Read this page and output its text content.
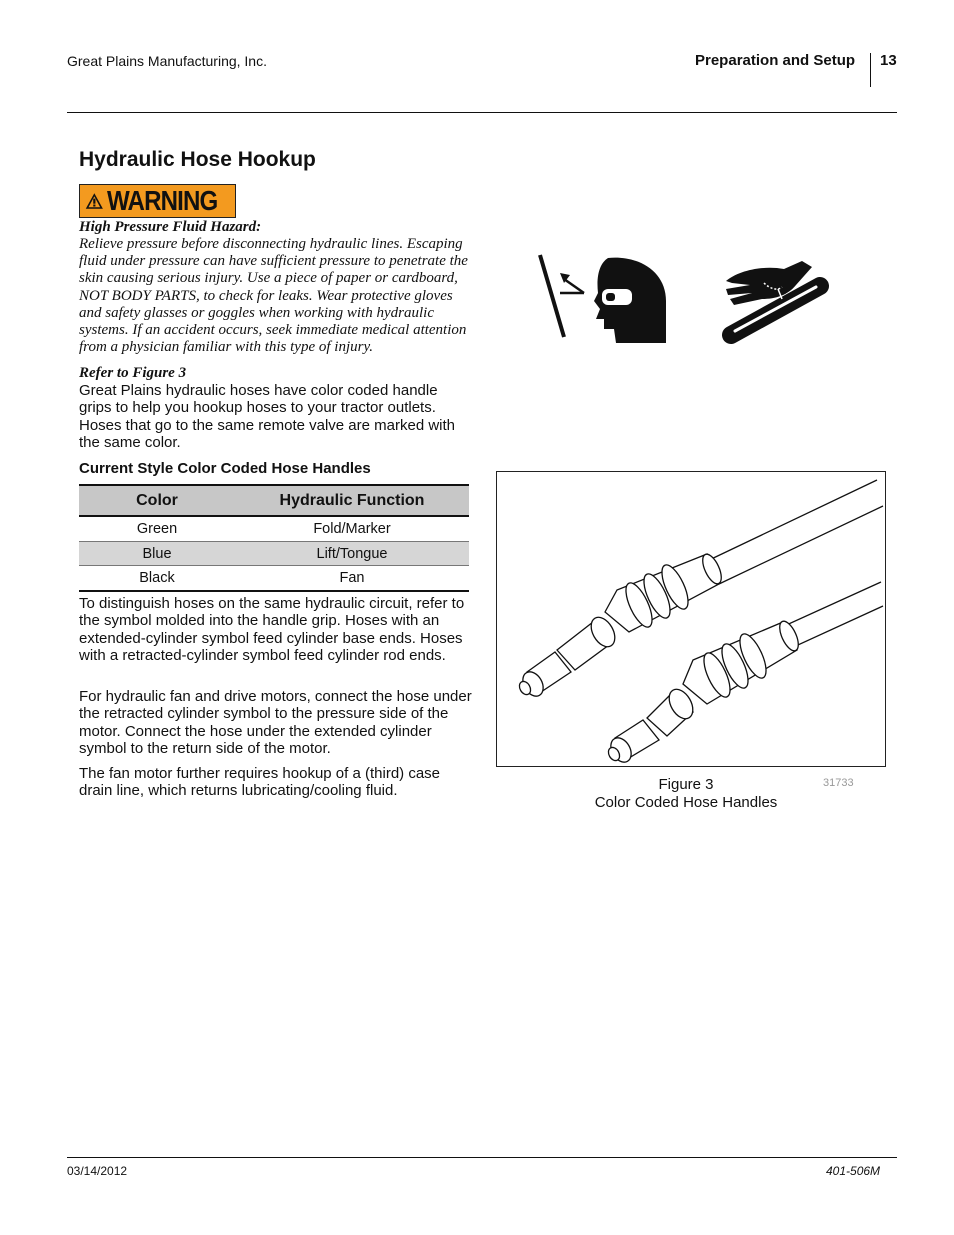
Great Plains Manufacturing, Inc.	Preparation and Setup 13
Hydraulic Hose Hookup
WARNING
High Pressure Fluid Hazard:
Relieve pressure before disconnecting hydraulic lines. Escaping fluid under pressure can have sufficient pressure to penetrate the skin causing serious injury. Use a piece of paper or cardboard, NOT BODY PARTS, to check for leaks. Wear protective gloves and safety glasses or goggles when working with hydraulic systems. If an accident occurs, seek immediate medical attention from a physician familiar with this type of injury.
Refer to Figure 3
Great Plains hydraulic hoses have color coded handle grips to help you hookup hoses to your tractor outlets. Hoses that go to the same remote valve are marked with the same color.
Current Style Color Coded Hose Handles
Color	Hydraulic Function
Green	Fold/Marker
Blue	Lift/Tongue
Black	Fan
To distinguish hoses on the same hydraulic circuit, refer to the symbol molded into the handle grip. Hoses with an extended-cylinder symbol feed cylinder base ends. Hoses with a retracted-cylinder symbol feed cylinder rod ends.
For hydraulic fan and drive motors, connect the hose under the retracted cylinder symbol to the pressure side of the motor. Connect the hose under the extended cylinder symbol to the return side of the motor.
The fan motor further requires hookup of a (third) case drain line, which returns lubricating/cooling fluid.	Figure 3
Color Coded Hose Handles
31733
03/14/2012	401-506M
